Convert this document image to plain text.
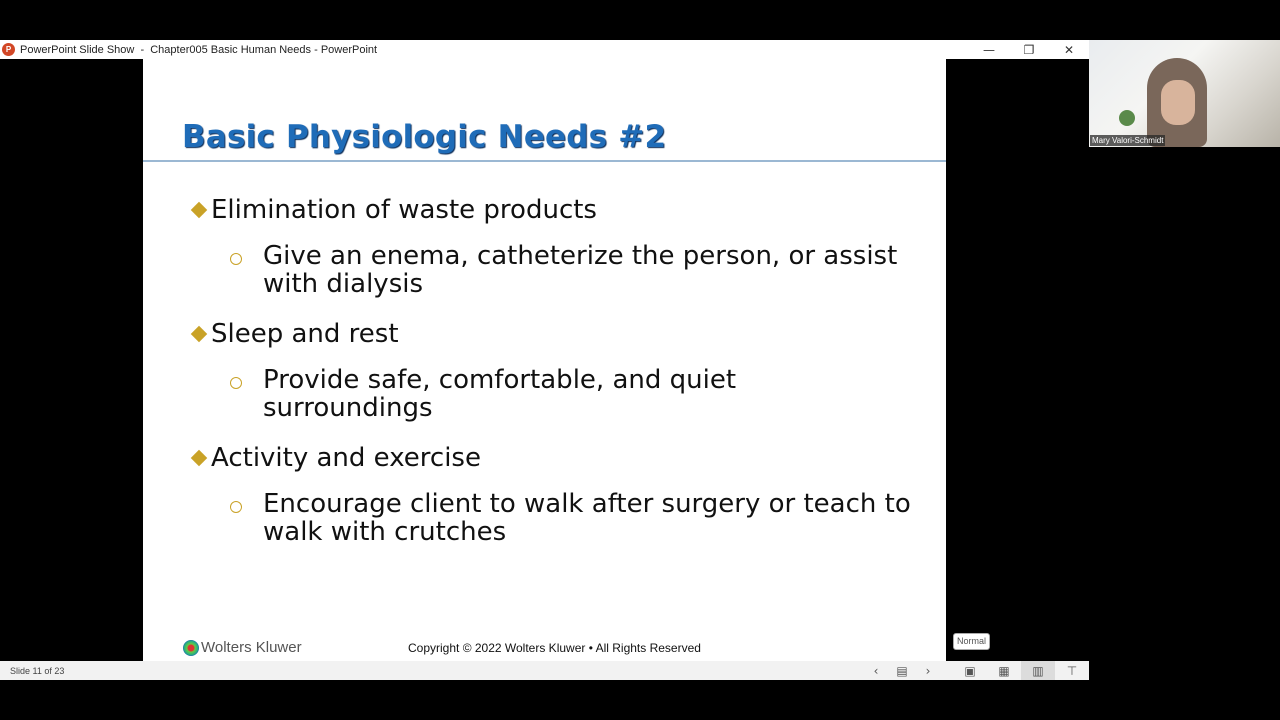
P PowerPoint Slide Show  -  Chapter005 Basic Human Needs - PowerPoint	—	❐	✕
Basic Physiologic Needs #2
Elimination of waste products
Give an enema, catheterize the person, or assist with dialysis
Sleep and rest
Provide safe, comfortable, and quiet surroundings
Activity and exercise
Encourage client to walk after surgery or teach to walk with crutches
Wolters Kluwer	Copyright © 2022 Wolters Kluwer • All Rights Reserved	Normal
Slide 11 of 23	‹	▤	›	▣	▦	▥	⊤
Mary Valori-Schmidt
